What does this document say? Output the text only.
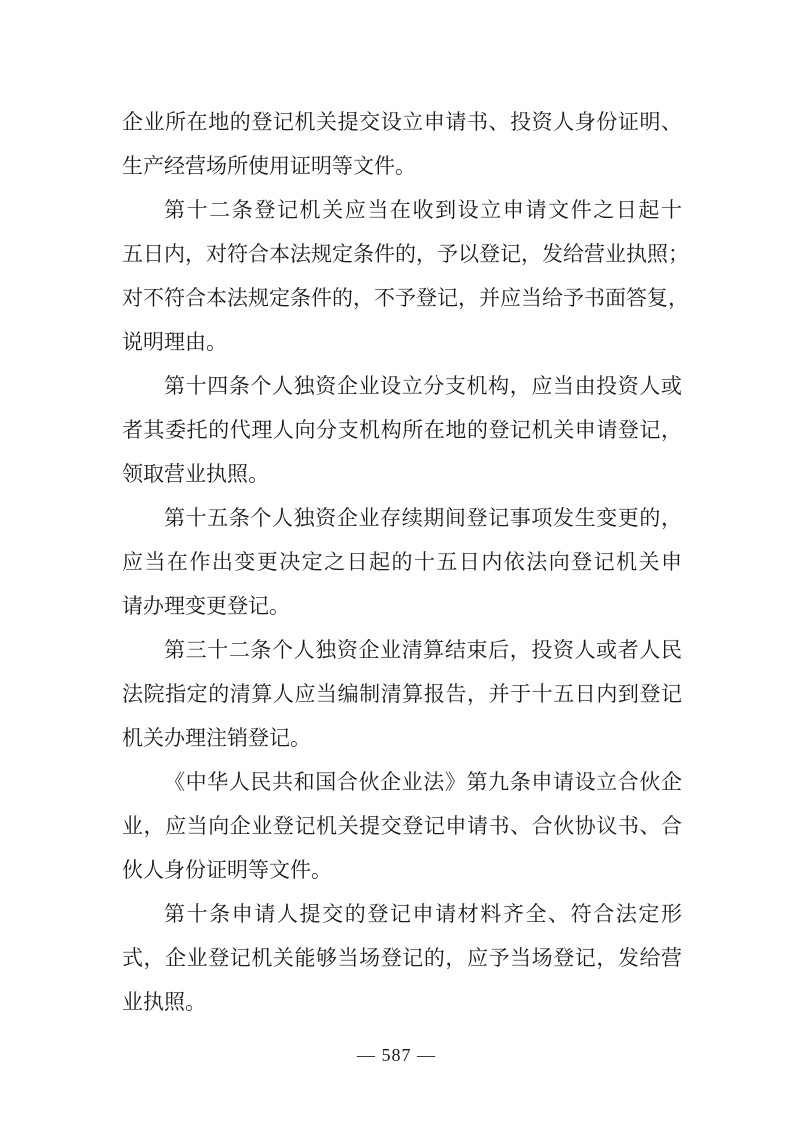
企业所在地的登记机关提交设立申请书、投资人身份证明、
生产经营场所使用证明等文件。
第十二条登记机关应当在收到设立申请文件之日起十
五日内，对符合本法规定条件的，予以登记，发给营业执照；
对不符合本法规定条件的，不予登记，并应当给予书面答复，
说明理由。
第十四条个人独资企业设立分支机构，应当由投资人或
者其委托的代理人向分支机构所在地的登记机关申请登记，
领取营业执照。
第十五条个人独资企业存续期间登记事项发生变更的，
应当在作出变更决定之日起的十五日内依法向登记机关申
请办理变更登记。
第三十二条个人独资企业清算结束后，投资人或者人民
法院指定的清算人应当编制清算报告，并于十五日内到登记
机关办理注销登记。
《中华人民共和国合伙企业法》第九条申请设立合伙企
业，应当向企业登记机关提交登记申请书、合伙协议书、合
伙人身份证明等文件。
第十条申请人提交的登记申请材料齐全、符合法定形
式，企业登记机关能够当场登记的，应予当场登记，发给营
业执照。
— 587 —
